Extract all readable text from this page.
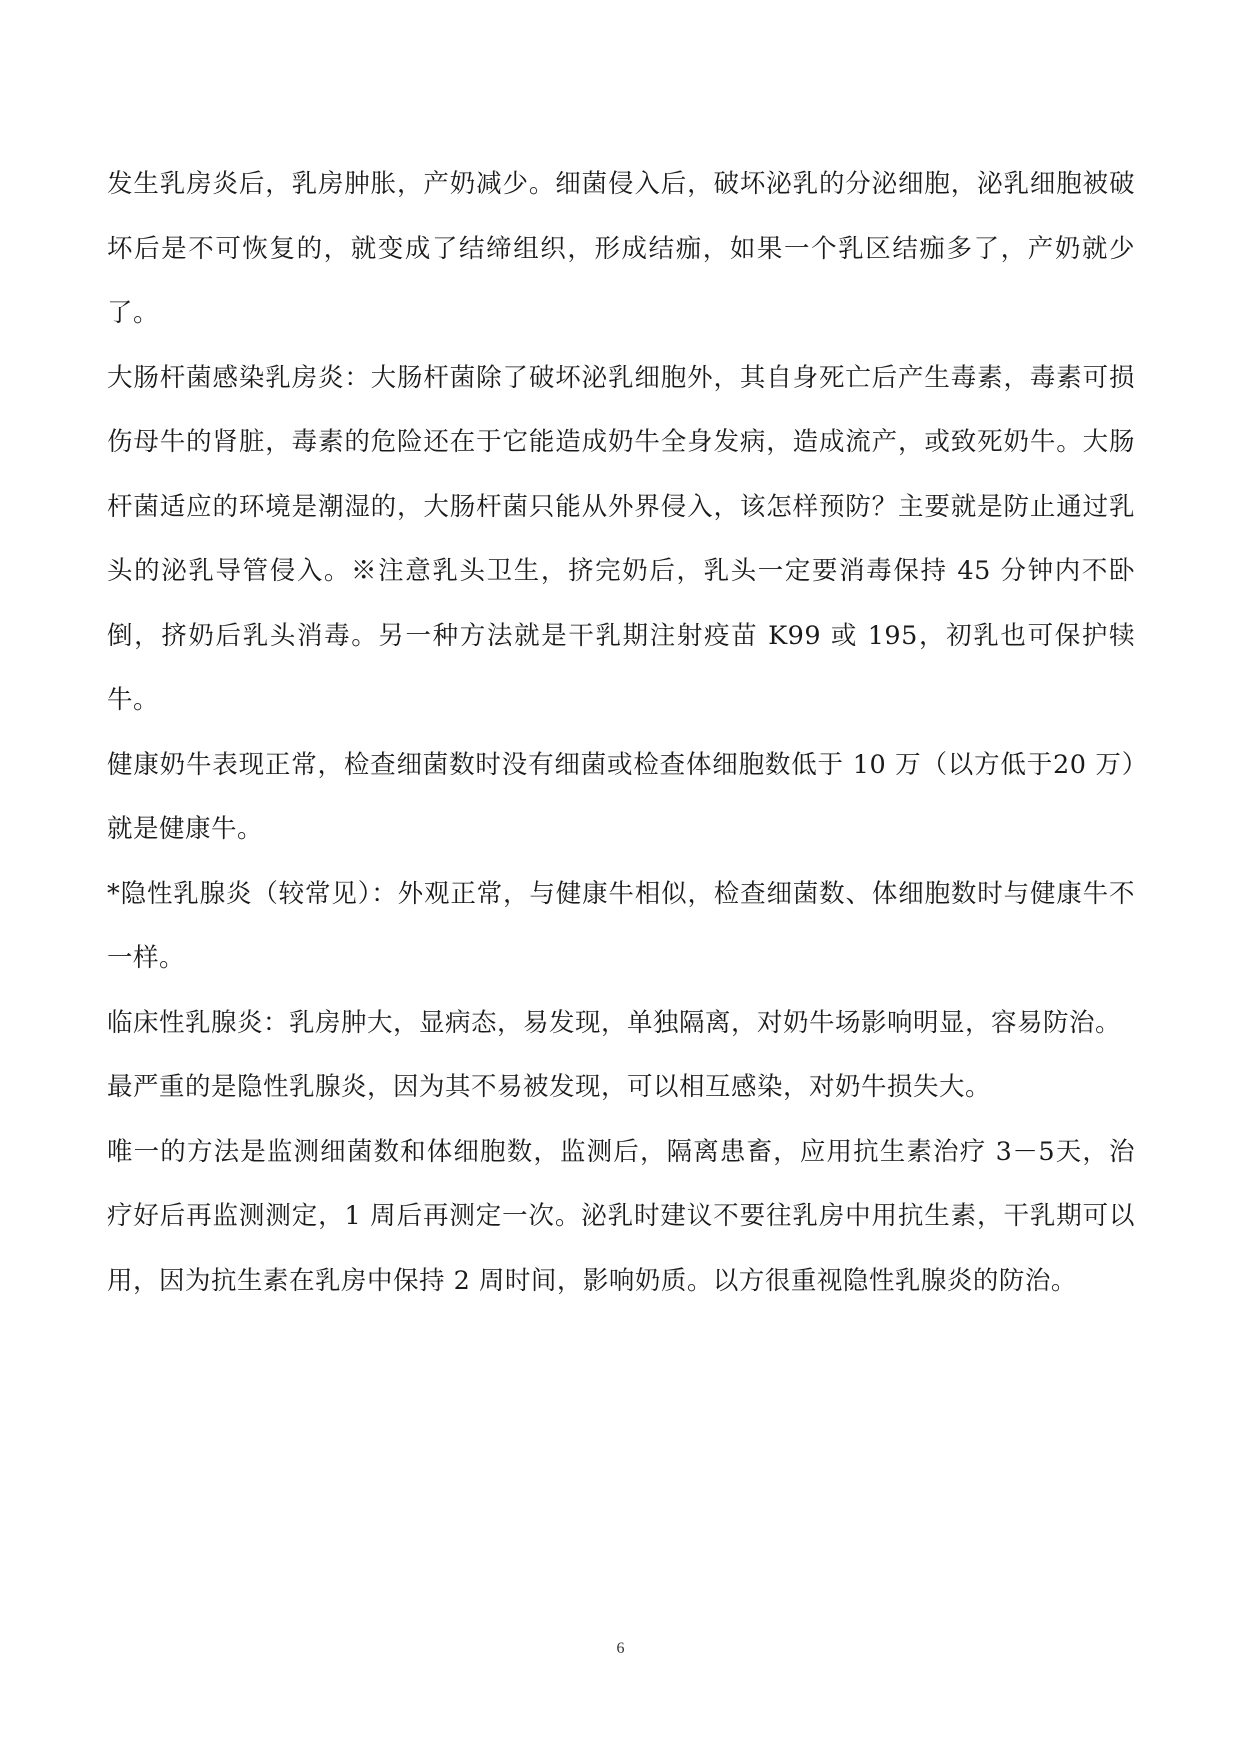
发生乳房炎后，乳房肿胀，产奶减少。细菌侵入后，破坏泌乳的分泌细胞，泌乳细胞被破坏后是不可恢复的，就变成了结缔组织，形成结痂，如果一个乳区结痂多了，产奶就少了。

大肠杆菌感染乳房炎：大肠杆菌除了破坏泌乳细胞外，其自身死亡后产生毒素，毒素可损伤母牛的肾脏，毒素的危险还在于它能造成奶牛全身发病，造成流产，或致死奶牛。大肠杆菌适应的环境是潮湿的，大肠杆菌只能从外界侵入，该怎样预防？主要就是防止通过乳头的泌乳导管侵入。※注意乳头卫生，挤完奶后，乳头一定要消毒保持 45 分钟内不卧倒，挤奶后乳头消毒。另一种方法就是干乳期注射疫苗 K99 或 195，初乳也可保护犊牛。

健康奶牛表现正常，检查细菌数时没有细菌或检查体细胞数低于 10 万（以方低于20 万）就是健康牛。

*隐性乳腺炎（较常见）：外观正常，与健康牛相似，检查细菌数、体细胞数时与健康牛不一样。

临床性乳腺炎：乳房肿大，显病态，易发现，单独隔离，对奶牛场影响明显，容易防治。

最严重的是隐性乳腺炎，因为其不易被发现，可以相互感染，对奶牛损失大。

唯一的方法是监测细菌数和体细胞数，监测后，隔离患畜，应用抗生素治疗 3－5天，治疗好后再监测测定，1 周后再测定一次。泌乳时建议不要往乳房中用抗生素，干乳期可以用，因为抗生素在乳房中保持 2 周时间，影响奶质。以方很重视隐性乳腺炎的防治。

6
